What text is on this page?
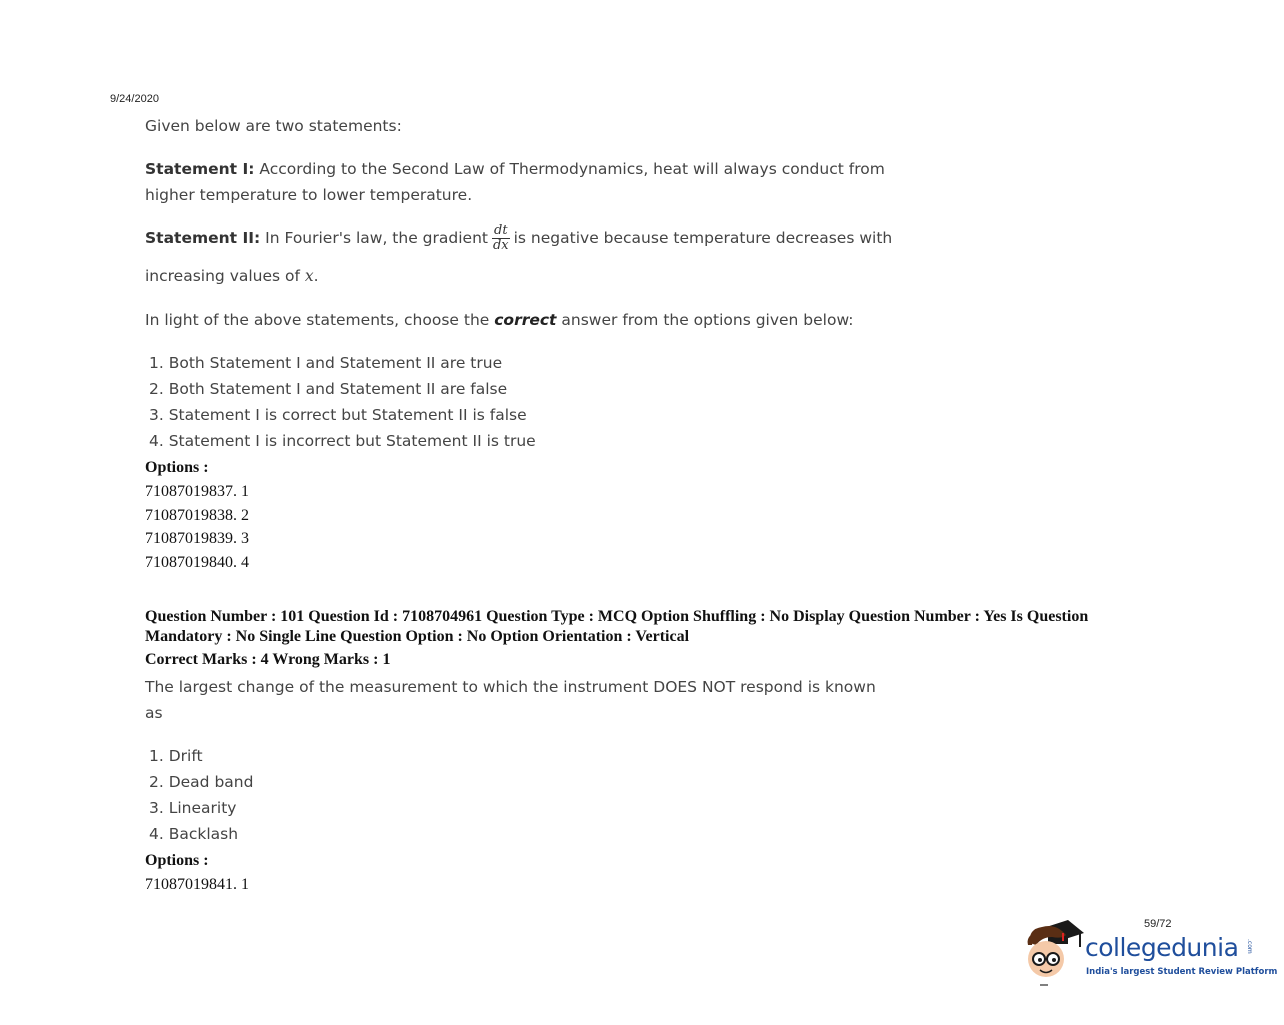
9/24/2020
Given below are two statements:
Statement I: According to the Second Law of Thermodynamics, heat will always conduct from
higher temperature to lower temperature.
Statement II: In Fourier's law, the gradient $\frac{dt}{dx}$ is negative because temperature decreases with
increasing values of x.
In light of the above statements, choose the correct answer from the options given below:
1. Both Statement I and Statement II are true
2. Both Statement I and Statement II are false
3. Statement I is correct but Statement II is false
4. Statement I is incorrect but Statement II is true
Options :
71087019837. 1
71087019838. 2
71087019839. 3
71087019840. 4
Question Number : 101 Question Id : 7108704961 Question Type : MCQ Option Shuffling : No Display Question Number : Yes Is Question Mandatory : No Single Line Question Option : No Option Orientation : Vertical
Correct Marks : 4 Wrong Marks : 1
The largest change of the measurement to which the instrument DOES NOT respond is known
as
1. Drift
2. Dead band
3. Linearity
4. Backlash
Options :
71087019841. 1
59/72
collegedunia .com
India's largest Student Review Platform
